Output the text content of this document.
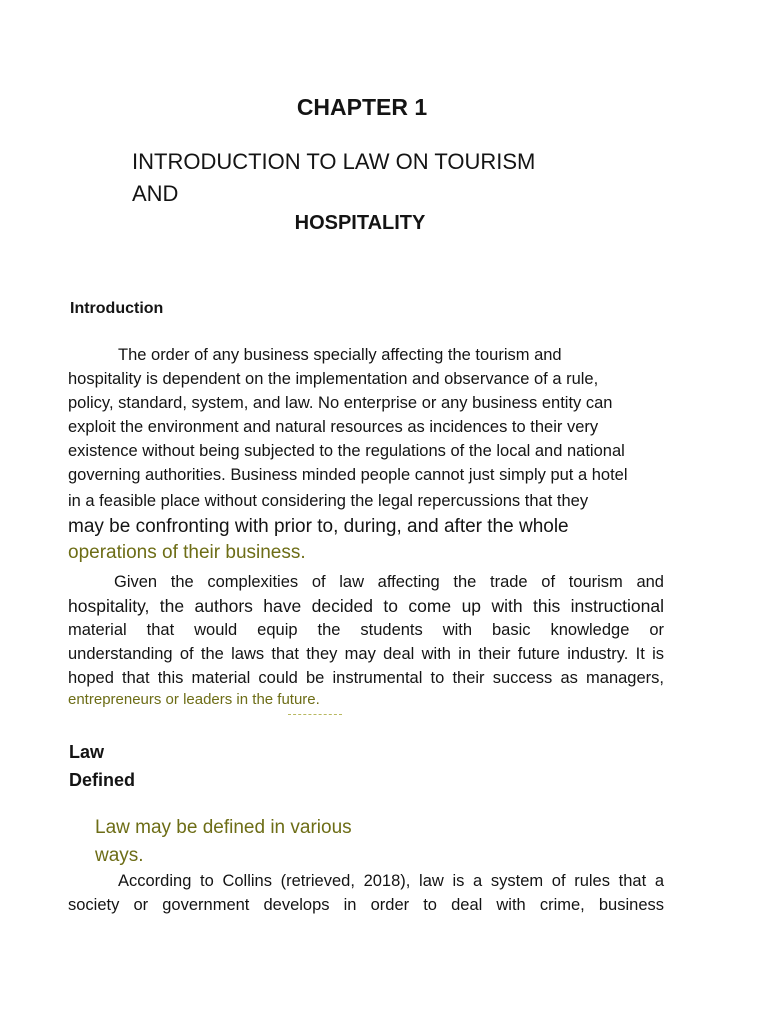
CHAPTER 1
INTRODUCTION TO LAW ON TOURISM
AND
HOSPITALITY
Introduction
The order of any business specially affecting the tourism and
hospitality is dependent on the implementation and observance of a rule,
policy, standard, system, and law. No enterprise or any business entity can
exploit the environment and natural resources as incidences to their very
existence without being subjected to the regulations of the local and national
governing authorities. Business minded people cannot just simply put a hotel
in a feasible place without considering the legal repercussions that they
may be confronting with prior to, during, and after the whole
operations of their business.
Given the complexities of law affecting the trade of tourism and
hospitality, the authors have decided to come up with this instructional
material that would equip the students with basic knowledge or
understanding of the laws that they may deal with in their future industry. It is
hoped that this material could be instrumental to their success as managers,
entrepreneurs or leaders in the future.
Law
Defined
Law may be defined in various
ways.
According to Collins (retrieved, 2018), law is a system of rules that a
society or government develops in order to deal with crime, business
